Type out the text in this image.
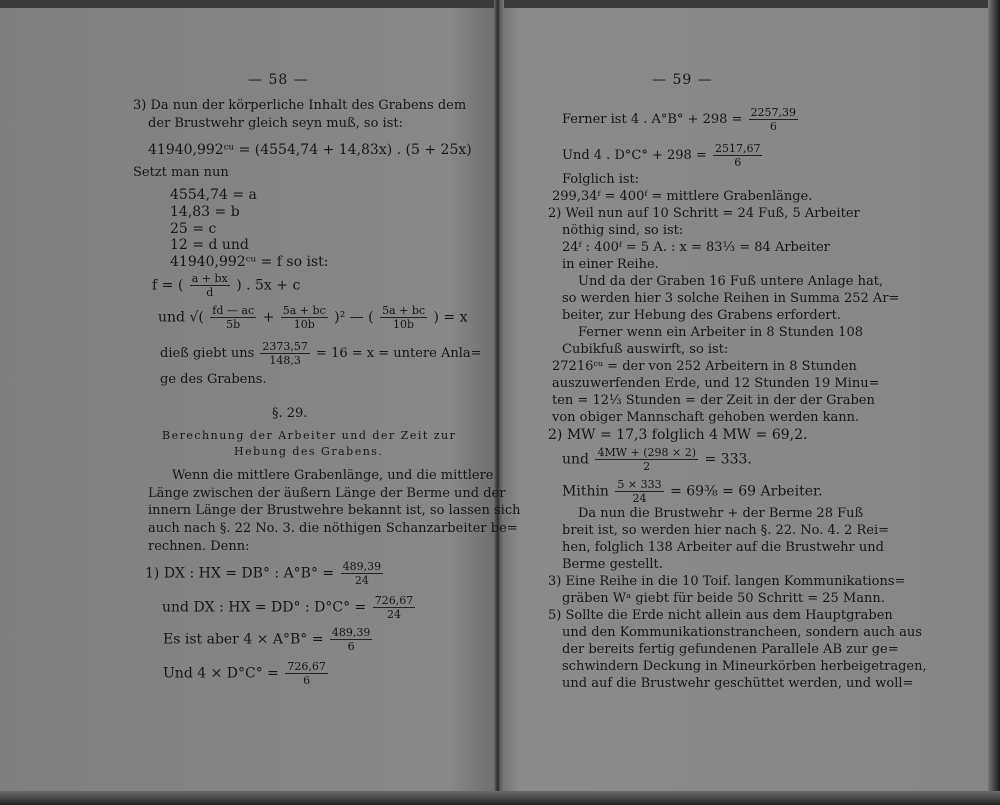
— 58 —
3) Da nun der körperliche Inhalt des Grabens dem
der Brustwehr gleich seyn muß, so ist:
41940,992ᶜᵘ = (4554,74 + 14,83x) . (5 + 25x)
Setzt man nun
4554,74 = a
14,83 = b
25 = c
12 = d und
41940,992ᶜᵘ = f so ist:
f = ( $\frac{a + bx}{d}$ ) . 5x + c
und √( $\frac{fd — ac}{5b} + \frac{5a + bc}{10b} )^2$ — ( $\frac{5a + bc}{10b}$ ) = x
dieß giebt uns $\frac{2373,57}{148,3} = 16 = x$ = untere Anla=
ge des Grabens.
§. 29.
Berechnung der Arbeiter und der Zeit zur
Hebung des Grabens.
Wenn die mittlere Grabenlänge, und die mittlere
Länge zwischen der äußern Länge der Berme und der
innern Länge der Brustwehre bekannt ist, so lassen sich
auch nach §. 22 No. 3. die nöthigen Schanzarbeiter be=
rechnen. Denn:
1) DX : HX = DB° : $A^\circ B^\circ = \frac{489,39}{24}$
und DX : HX = DD° : $D^\circ C^\circ = \frac{726,67}{24}$
Es ist aber $4 \times A^\circ B^\circ = \frac{489,39}{6}$
Und $4 \times D^\circ C^\circ = \frac{726,67}{6}$
— 59 —
Ferner ist 4 . $A^\circ B^\circ + 298 = \frac{2257,39}{6}$
Und 4 . $D^\circ C^\circ + 298 = \frac{2517,67}{6}$
Folglich ist:
299,34ᶠ = 400ᶠ = mittlere Grabenlänge.
2) Weil nun auf 10 Schritt = 24 Fuß, 5 Arbeiter
nöthig sind, so ist:
24ᶠ : 400ᶠ = 5 A. : x = 83⅓ = 84 Arbeiter
in einer Reihe.
Und da der Graben 16 Fuß untere Anlage hat,
so werden hier 3 solche Reihen in Summa 252 Ar=
beiter, zur Hebung des Grabens erfordert.
Ferner wenn ein Arbeiter in 8 Stunden 108
Cubikfuß auswirft, so ist:
27216ᶜᵘ = der von 252 Arbeitern in 8 Stunden
auszuwerfenden Erde, und 12 Stunden 19 Minu=
ten = 12⅓ Stunden = der Zeit in der der Graben
von obiger Mannschaft gehoben werden kann.
2) MW = 17,3 folglich 4 MW = 69,2.
und $\frac{4MW + (298 \times 2)}{2} = 333$.
Mithin $\frac{5 \times 333}{24}$ = 69⅜ = 69 Arbeiter.
Da nun die Brustwehr + der Berme 28 Fuß
breit ist, so werden hier nach §. 22. No. 4. 2 Rei=
hen, folglich 138 Arbeiter auf die Brustwehr und
Berme gestellt.
3) Eine Reihe in die 10 Toif. langen Kommunikations=
gräben Wᵃ giebt für beide 50 Schritt = 25 Mann.
5) Sollte die Erde nicht allein aus dem Hauptgraben
und den Kommunikationstrancheen, sondern auch aus
der bereits fertig gefundenen Parallele AB zur ge=
schwindern Deckung in Mineurkörben herbeigetragen,
und auf die Brustwehr geschüttet werden, und woll=
